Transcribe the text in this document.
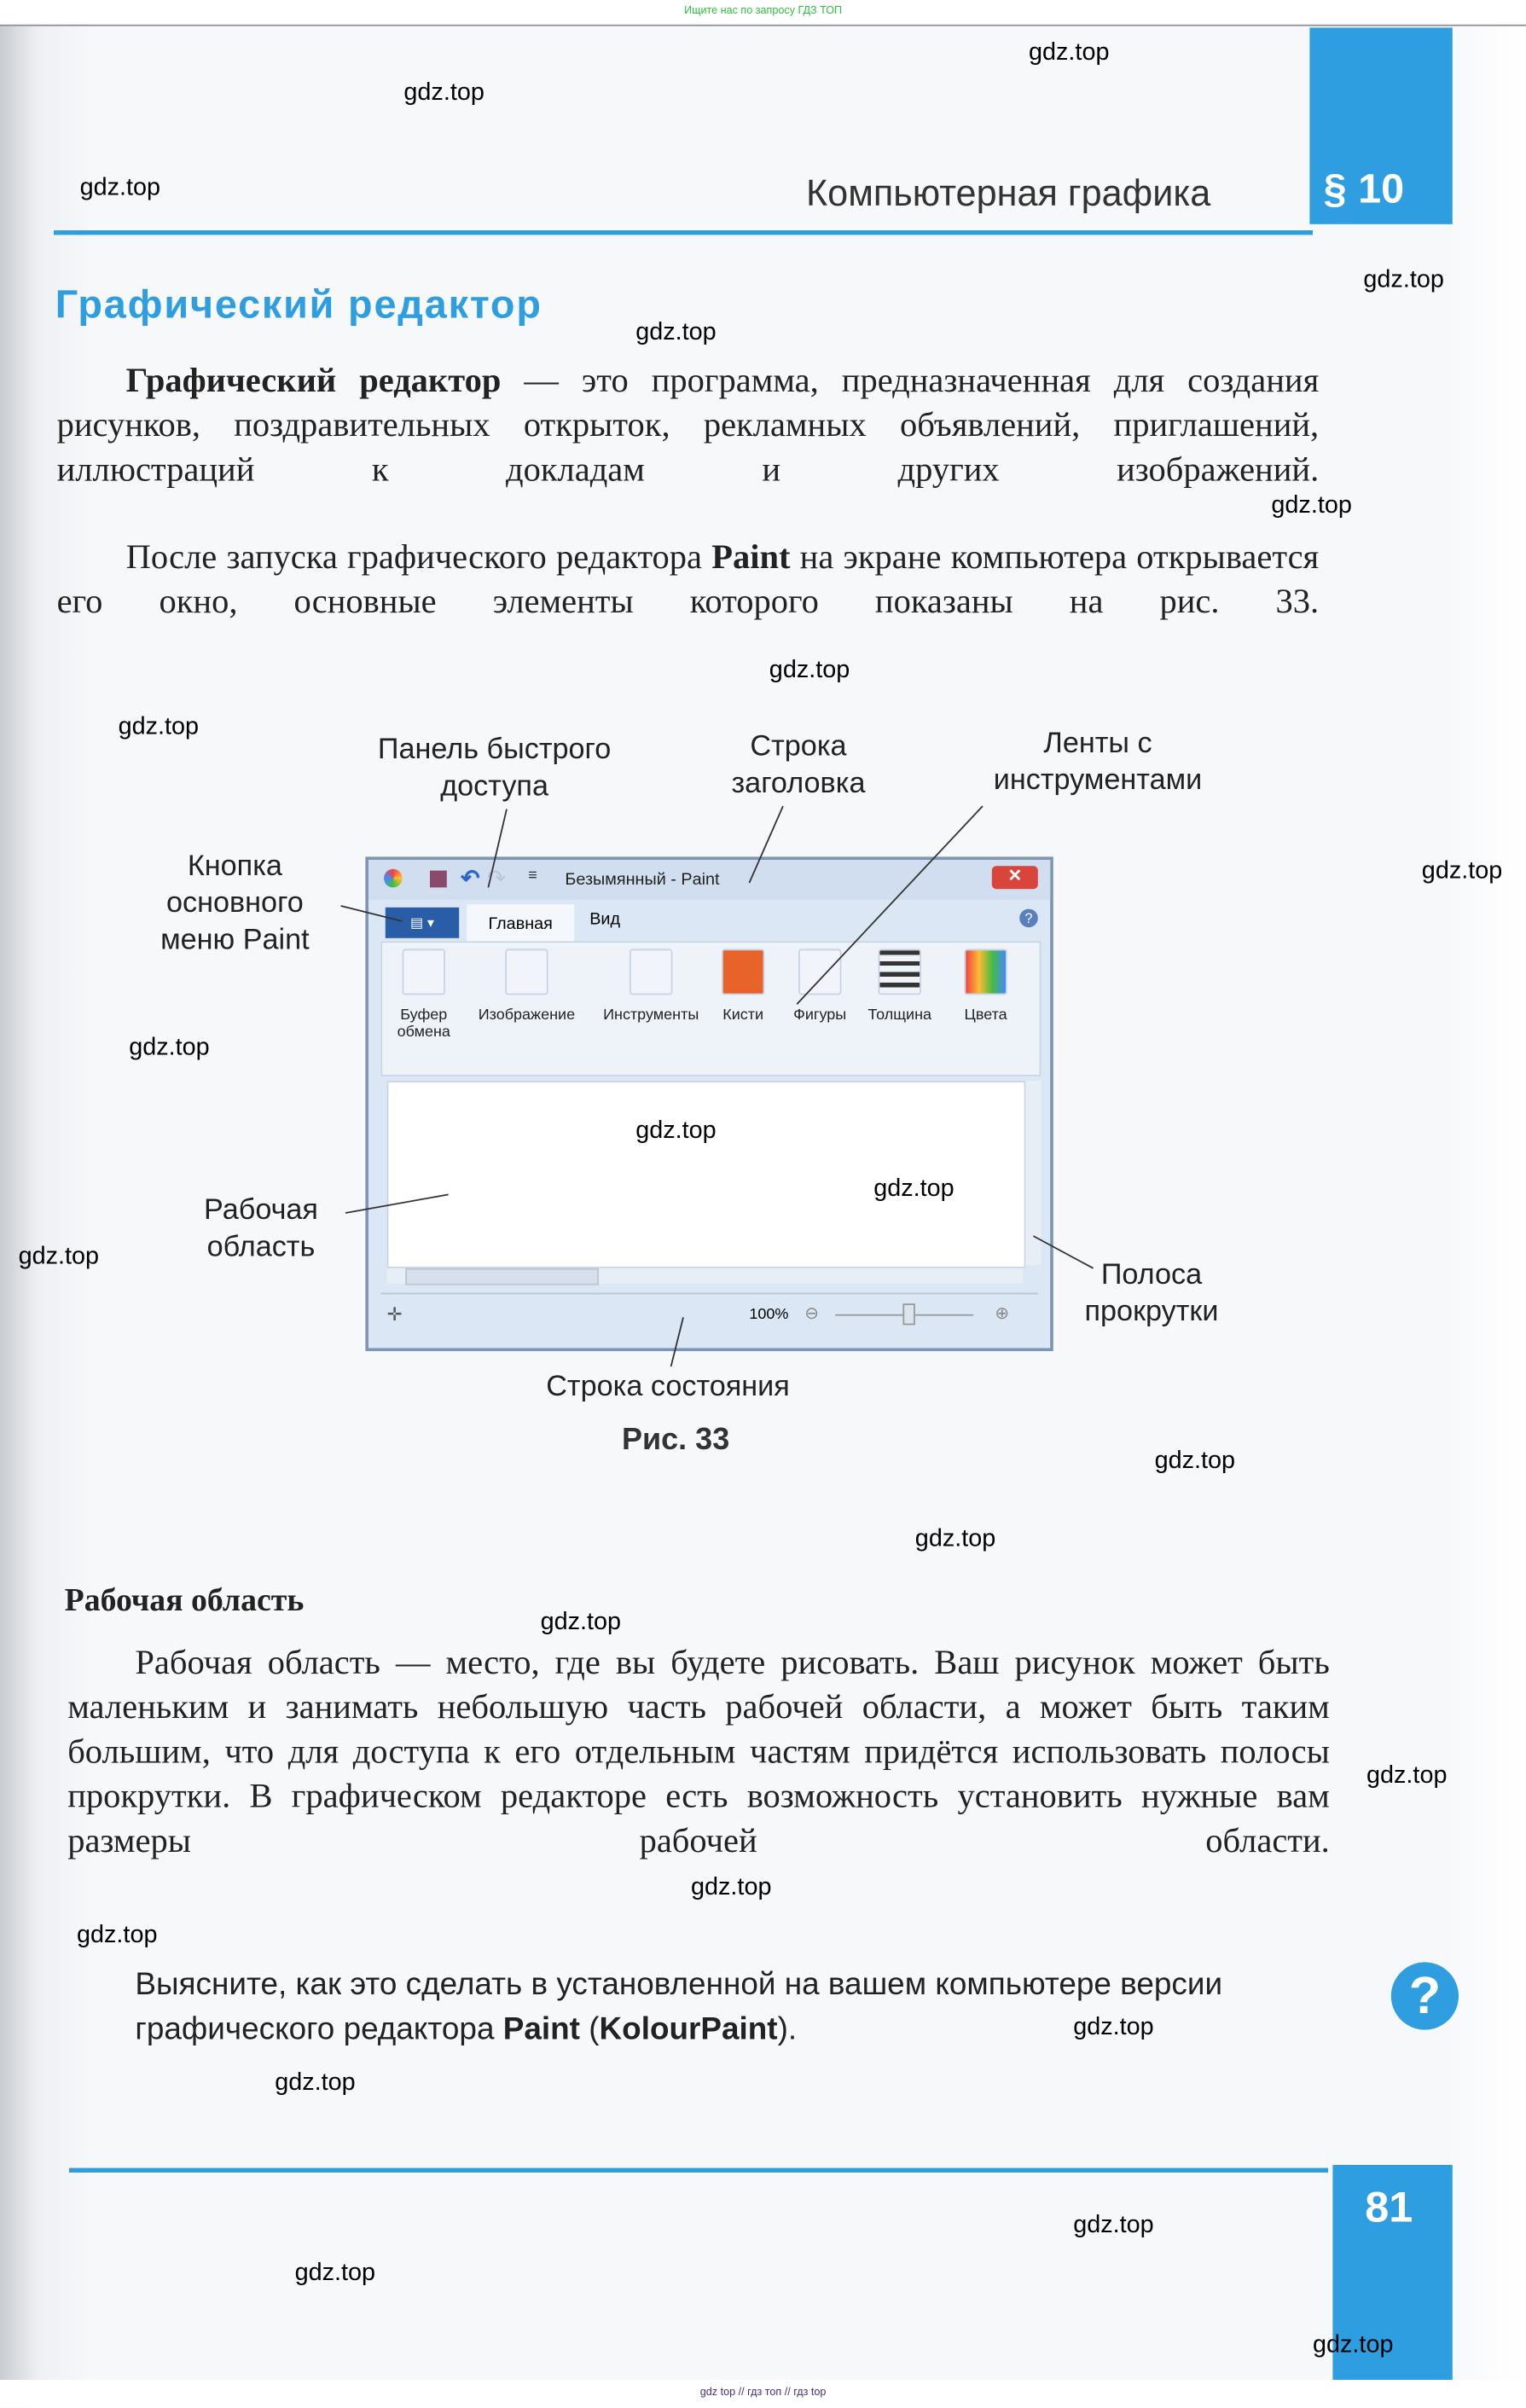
Ищите нас по запросу ГДЗ ТОП
§ 10
Компьютерная графика
Графический редактор
Графический редактор — это программа, предназначенная для создания рисунков, поздравительных открыток, рекламных объявлений, приглашений, иллюстраций к докладам и других изображений.
После запуска графического редактора Paint на экране компьютера открывается его окно, основные элементы которого показаны на рис. 33.
Панель быстрого доступа
Строка заголовка
Ленты с инструментами
Кнопка основного меню Paint
Рабочая область
Полоса прокрутки
Строка состояния
Рис. 33
↶ ↷	≡	Безымянный - Paint	✕
▤ ▾	Главная	Вид	?
Буфер обмена
Изображение	Инструменты	Кисти	Фигуры	Толщина	Цвета
✛	100% ⊖	⊕
Рабочая область
Рабочая область — место, где вы будете рисовать. Ваш рисунок может быть маленьким и занимать небольшую часть рабочей области, а может быть таким большим, что для доступа к его отдельным частям придётся использовать полосы прокрутки. В графическом редакторе есть возможность установить нужные вам размеры рабочей области.
Выясните, как это сделать в установленной на вашем компьютере версии графического редактора Paint (KolourPaint).
?
81
gdz.top
gdz.top
gdz.top
gdz.top
gdz.top
gdz.top
gdz.top
gdz.top
gdz.top
gdz.top
gdz.top
gdz.top
gdz.top
gdz.top
gdz.top
gdz.top
gdz.top
gdz.top
gdz.top
gdz.top
gdz.top
gdz.top
gdz.top
gdz.top
gdz top // гдз топ // гдз top
